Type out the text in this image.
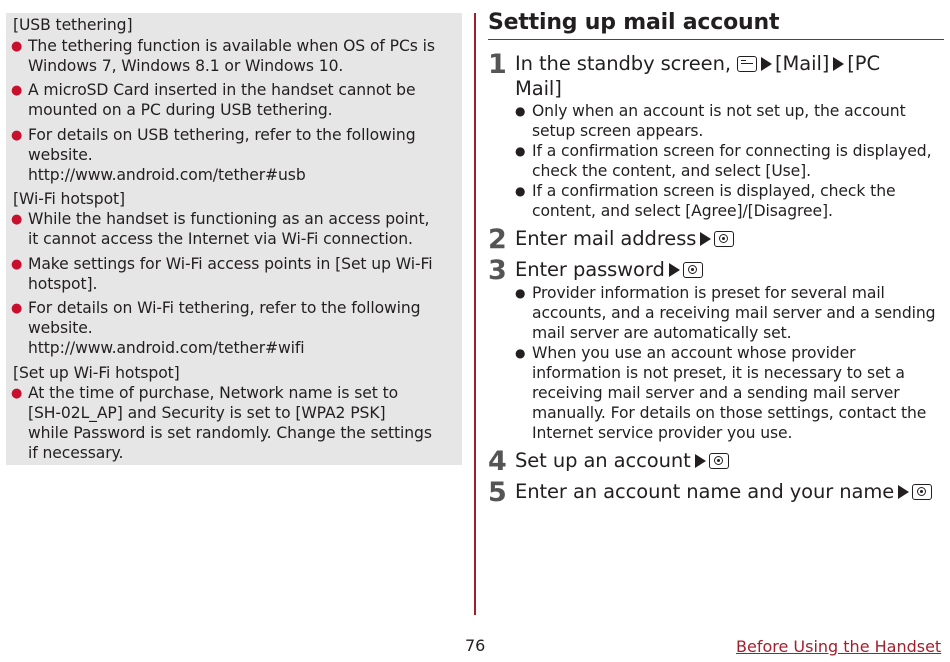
[USB tethering]

● The tethering function is available when OS of PCs is

Windows 7, Windows 8.1 or Windows 10.

● A microSD Card inserted in the handset cannot be

mounted on a PC during USB tethering.

● For details on USB tethering, refer to the following

website.

http://www.android.com/tether#usb

[Wi-Fi hotspot]

● While the handset is functioning as an access point,

it cannot access the Internet via Wi-Fi connection.

● Make settings for Wi-Fi access points in [Set up Wi-Fi

hotspot].

● For details on Wi-Fi tethering, refer to the following

website.

http://www.android.com/tether#wifi

[Set up Wi-Fi hotspot]

● At the time of purchase, Network name is set to

[SH-02L_AP] and Security is set to [WPA2 PSK]

while Password is set randomly. Change the settings

if necessary.

Setting up mail account
1 In the standby screen, [Mail] [PC

Mail]

● Only when an account is not set up, the account

setup screen appears.

● If a confirmation screen for connecting is displayed,

check the content, and select [Use].

● If a confirmation screen is displayed, check the

content, and select [Agree]/[Disagree].

2 Enter mail address

3 Enter password

● Provider information is preset for several mail

accounts, and a receiving mail server and a sending

mail server are automatically set.

● When you use an account whose provider

information is not preset, it is necessary to set a

receiving mail server and a sending mail server

manually. For details on those settings, contact the

Internet service provider you use.

4 Set up an account

5 Enter an account name and your name

76	Before Using the Handset
